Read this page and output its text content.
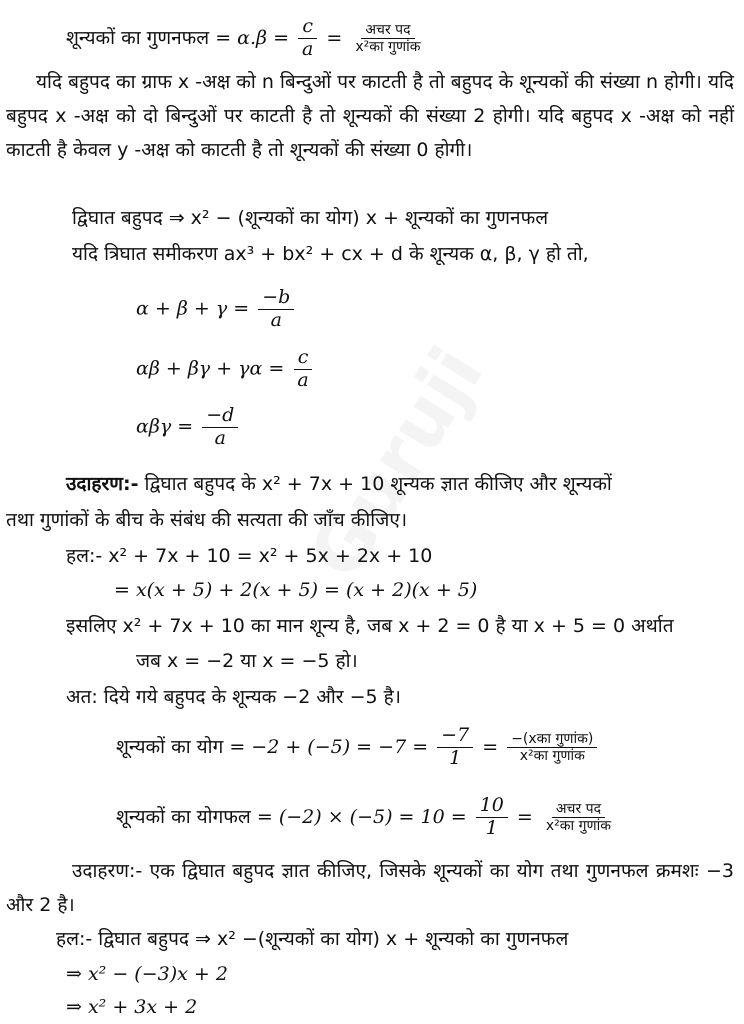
शून्यकों का गुणनफल = $\alpha.\beta = \frac{c}{a} = \frac{\text{अचर पद}}{\text{x²का गुणांक}}$
यदि बहुपद का ग्राफ x -अक्ष को n बिन्दुओं पर काटती है तो बहुपद के शून्यकों की संख्या n होगी। यदि बहुपद x -अक्ष को दो बिन्दुओं पर काटती है तो शून्यकों की संख्या 2 होगी। यदि बहुपद x -अक्ष को नहीं काटती है केवल y -अक्ष को काटती है तो शून्यकों की संख्या 0 होगी।
द्विघात बहुपद ⇒ x² − (शून्यकों का योग) x + शून्यकों का गुणनफल
यदि त्रिघात समीकरण ax³ + bx² + cx + d के शून्यक α, β, γ हो तो,
$\alpha + \beta + \gamma = \frac{-b}{a}$
$\alpha\beta + \beta\gamma + \gamma\alpha = \frac{c}{a}$
$\alpha\beta\gamma = \frac{-d}{a}$
उदाहरण:- द्विघात बहुपद के x² + 7x + 10 शून्यक ज्ञात कीजिए और शून्यकों
तथा गुणांकों के बीच के संबंध की सत्यता की जाँच कीजिए।
हल:- x² + 7x + 10 = x² + 5x + 2x + 10
= x(x + 5) + 2(x + 5) = (x + 2)(x + 5)
इसलिए x² + 7x + 10 का मान शून्य है, जब x + 2 = 0 है या x + 5 = 0 अर्थात
जब x = −2 या x = −5 हो।
अत: दिये गये बहुपद के शून्यक −2 और −5 है।
शून्यकों का योग = $-2 + (-5) = -7 = \frac{-7}{1} = \frac{\text{−(xका गुणांक)}}{\text{x²का गुणांक}}$
शून्यकों का योगफल = $(-2) \times (-5) = 10 = \frac{10}{1} = \frac{\text{अचर पद}}{\text{x²का गुणांक}}$
उदाहरण:- एक द्विघात बहुपद ज्ञात कीजिए, जिसके शून्यकों का योग तथा गुणनफल क्रमशः −3 और 2 है।
हल:- द्विघात बहुपद ⇒ x² −(शून्यकों का योग) x + शून्यको का गुणनफल
⇒ x² − (−3)x + 2
⇒ x² + 3x + 2
